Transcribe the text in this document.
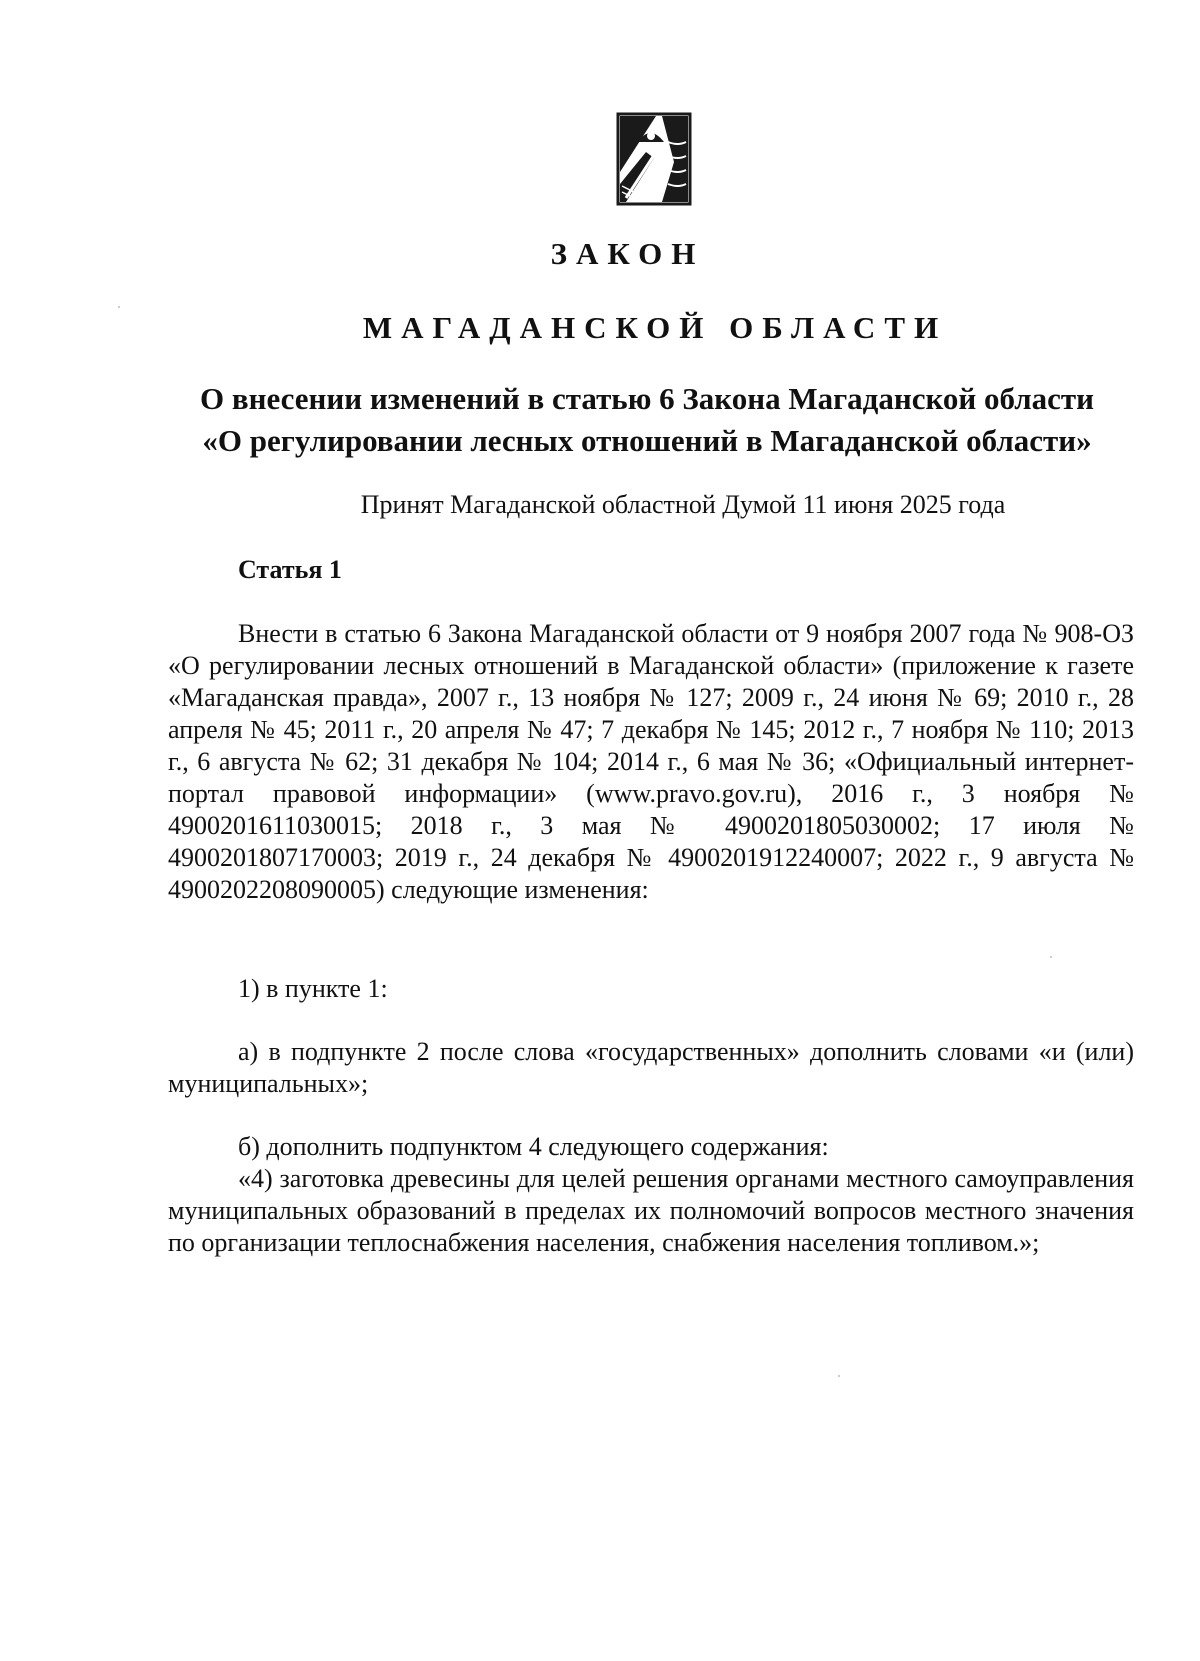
ЗАКОН
МАГАДАНСКОЙ ОБЛАСТИ
О внесении изменений в статью 6 Закона Магаданской области
«О регулировании лесных отношений в Магаданской области»
Принят Магаданской областной Думой 11 июня 2025 года
Статья 1

Внести в статью 6 Закона Магаданской области от 9 ноября 2007 года № 908-ОЗ «О регулировании лесных отношений в Магаданской области» (приложение к газете «Магаданская правда», 2007 г., 13 ноября № 127; 2009 г., 24 июня № 69; 2010 г., 28 апреля № 45; 2011 г., 20 апреля № 47; 7 декабря № 145; 2012 г., 7 ноября № 110; 2013 г., 6 августа № 62; 31 декабря № 104; 2014 г., 6 мая № 36; «Официальный интернет-портал правовой информации» (www.pravo.gov.ru), 2016 г., 3 ноября № 4900201611030015; 2018 г., 3 мая № 4900201805030002; 17 июля № 4900201807170003; 2019 г., 24 декабря № 4900201912240007; 2022 г., 9 августа № 4900202208090005) следующие изменения:

1) в пункте 1:

а) в подпункте 2 после слова «государственных» дополнить словами «и (или) муниципальных»;

б) дополнить подпунктом 4 следующего содержания:

«4) заготовка древесины для целей решения органами местного самоуправления муниципальных образований в пределах их полномочий вопросов местного значения по организации теплоснабжения населения, снабжения населения топливом.»;
